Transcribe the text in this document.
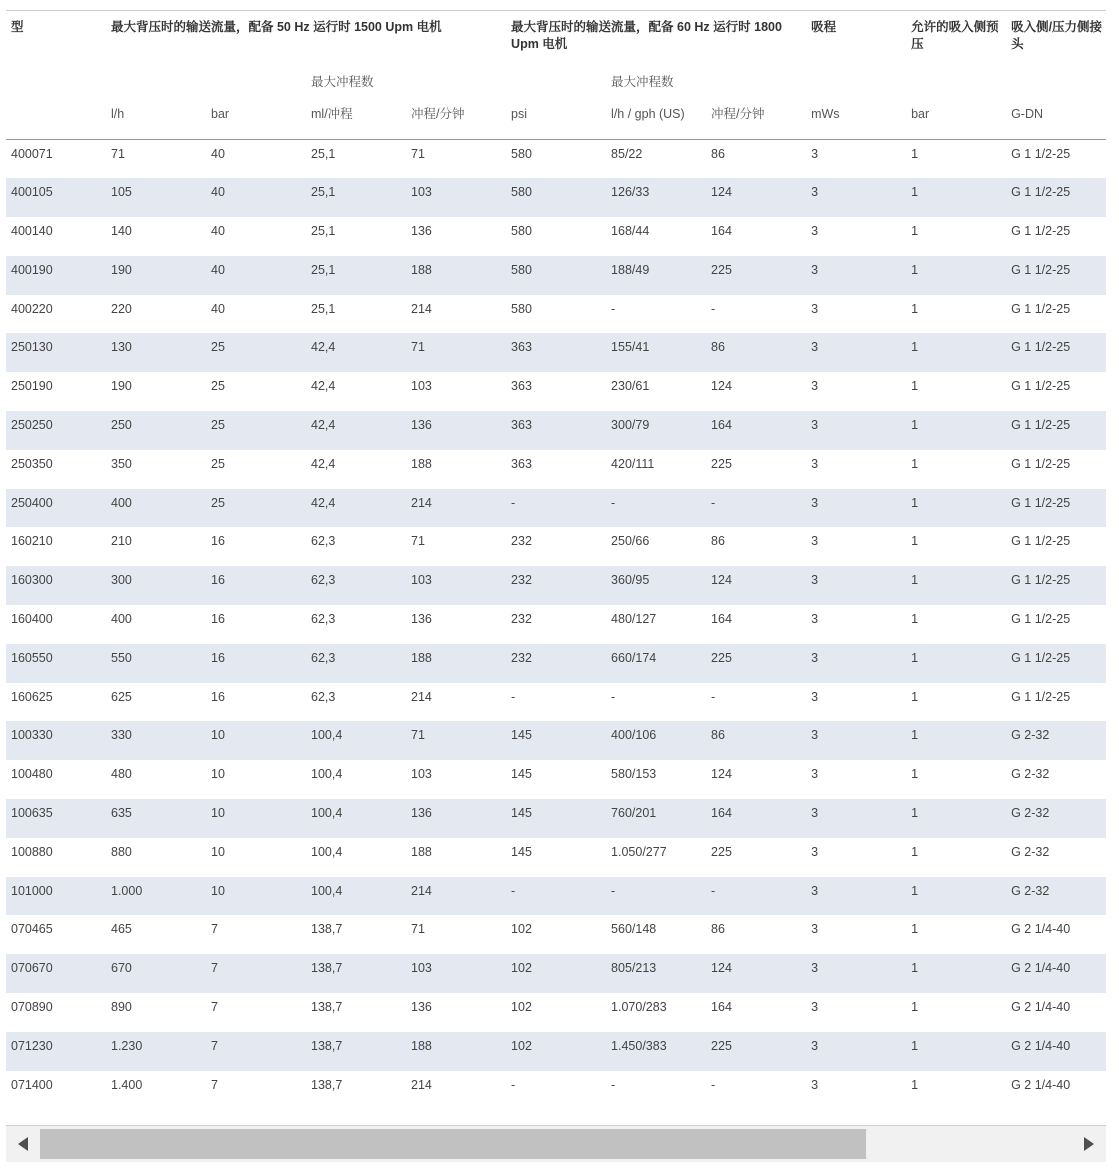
型	最大背压时的输送流量，配备 50 Hz 运行时 1500 Upm 电机				最大背压时的输送流量，配备 60 Hz 运行时 1800 Upm 电机			吸程	允许的吸入侧预压	吸入侧/压力侧接头
			最大冲程数			最大冲程数				
	l/h	bar	ml/冲程	冲程/分钟	psi	l/h / gph (US)	冲程/分钟	mWs	bar	G-DN
400071	71	40	25,1	71	580	85/22	86	3	1	G 1 1/2-25
400105	105	40	25,1	103	580	126/33	124	3	1	G 1 1/2-25
400140	140	40	25,1	136	580	168/44	164	3	1	G 1 1/2-25
400190	190	40	25,1	188	580	188/49	225	3	1	G 1 1/2-25
400220	220	40	25,1	214	580	-	-	3	1	G 1 1/2-25
250130	130	25	42,4	71	363	155/41	86	3	1	G 1 1/2-25
250190	190	25	42,4	103	363	230/61	124	3	1	G 1 1/2-25
250250	250	25	42,4	136	363	300/79	164	3	1	G 1 1/2-25
250350	350	25	42,4	188	363	420/111	225	3	1	G 1 1/2-25
250400	400	25	42,4	214	-	-	-	3	1	G 1 1/2-25
160210	210	16	62,3	71	232	250/66	86	3	1	G 1 1/2-25
160300	300	16	62,3	103	232	360/95	124	3	1	G 1 1/2-25
160400	400	16	62,3	136	232	480/127	164	3	1	G 1 1/2-25
160550	550	16	62,3	188	232	660/174	225	3	1	G 1 1/2-25
160625	625	16	62,3	214	-	-	-	3	1	G 1 1/2-25
100330	330	10	100,4	71	145	400/106	86	3	1	G 2-32
100480	480	10	100,4	103	145	580/153	124	3	1	G 2-32
100635	635	10	100,4	136	145	760/201	164	3	1	G 2-32
100880	880	10	100,4	188	145	1.050/277	225	3	1	G 2-32
101000	1.000	10	100,4	214	-	-	-	3	1	G 2-32
070465	465	7	138,7	71	102	560/148	86	3	1	G 2 1/4-40
070670	670	7	138,7	103	102	805/213	124	3	1	G 2 1/4-40
070890	890	7	138,7	136	102	1.070/283	164	3	1	G 2 1/4-40
071230	1.230	7	138,7	188	102	1.450/383	225	3	1	G 2 1/4-40
071400	1.400	7	138,7	214	-	-	-	3	1	G 2 1/4-40
